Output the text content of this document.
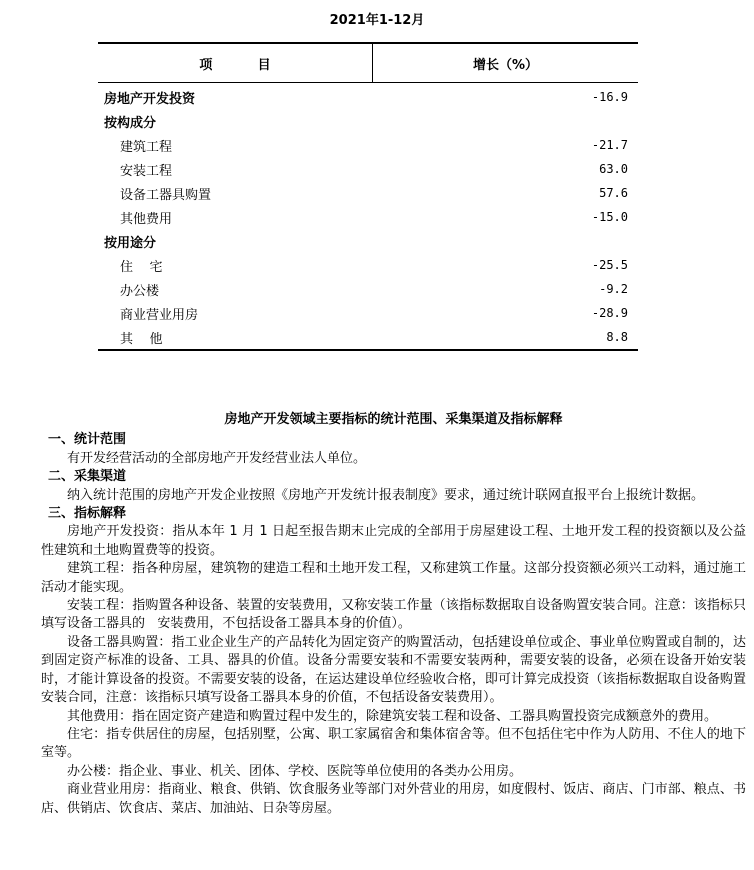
2021年1-12月
项          目	增长（%）
房地产开发投资	-16.9
按构成分	
建筑工程	-21.7
安装工程	63.0
设备工器具购置	57.6
其他费用	-15.0
按用途分	
住    宅	-25.5
办公楼	-9.2
商业营业用房	-28.9
其    他	8.8
房地产开发领域主要指标的统计范围、采集渠道及指标解释
一、统计范围

有开发经营活动的全部房地产开发经营业法人单位。

二、采集渠道

纳入统计范围的房地产开发企业按照《房地产开发统计报表制度》要求，通过统计联网直报平台上报统计数据。

三、指标解释

房地产开发投资：指从本年 1 月 1 日起至报告期末止完成的全部用于房屋建设工程、土地开发工程的投资额以及公益性建筑和土地购置费等的投资。

建筑工程：指各种房屋，建筑物的建造工程和土地开发工程，又称建筑工作量。这部分投资额必须兴工动料，通过施工活动才能实现。

安装工程：指购置各种设备、装置的安装费用，又称安装工作量（该指标数据取自设备购置安装合同。注意：该指标只填写设备工器具的   安装费用，不包括设备工器具本身的价值）。

设备工器具购置：指工业企业生产的产品转化为固定资产的购置活动，包括建设单位或企、事业单位购置或自制的，达到固定资产标准的设备、工具、器具的价值。设备分需要安装和不需要安装两种，需要安装的设备，必须在设备开始安装时，才能计算设备的投资。不需要安装的设备，在运达建设单位经验收合格，即可计算完成投资（该指标数据取自设备购置安装合同，注意：该指标只填写设备工器具本身的价值，不包括设备安装费用）。

其他费用：指在固定资产建造和购置过程中发生的，除建筑安装工程和设备、工器具购置投资完成额意外的费用。

住宅：指专供居住的房屋，包括别墅，公寓、职工家属宿舍和集体宿舍等。但不包括住宅中作为人防用、不住人的地下室等。

办公楼：指企业、事业、机关、团体、学校、医院等单位使用的各类办公用房。

商业营业用房：指商业、粮食、供销、饮食服务业等部门对外营业的用房，如度假村、饭店、商店、门市部、粮点、书店、供销店、饮食店、菜店、加油站、日杂等房屋。
